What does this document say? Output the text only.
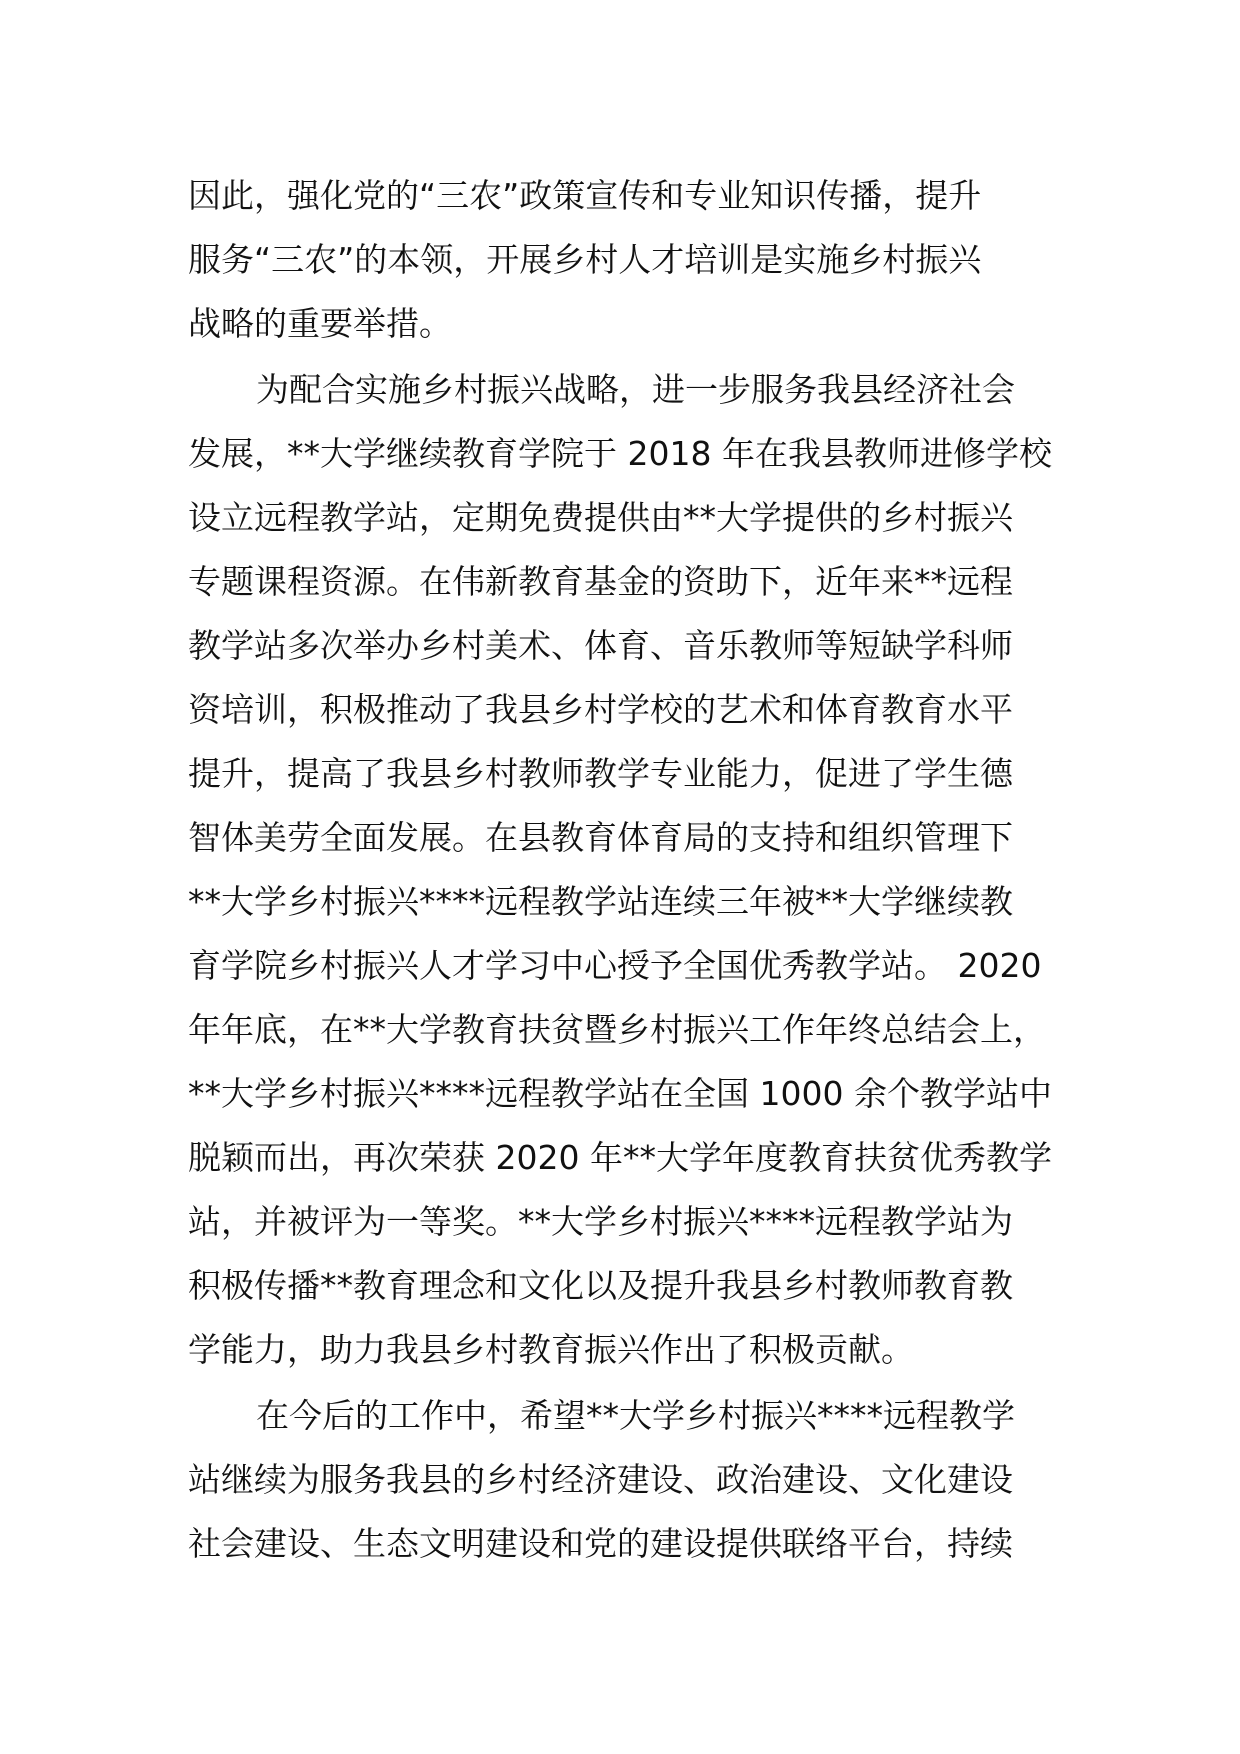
因此，强化党的“三农”政策宣传和专业知识传播，提升
服务“三农”的本领，开展乡村人才培训是实施乡村振兴
战略的重要举措。
为配合实施乡村振兴战略，进一步服务我县经济社会
发展，**大学继续教育学院于 2018 年在我县教师进修学校
设立远程教学站，定期免费提供由**大学提供的乡村振兴
专题课程资源。在伟新教育基金的资助下，近年来**远程
教学站多次举办乡村美术、体育、音乐教师等短缺学科师
资培训，积极推动了我县乡村学校的艺术和体育教育水平
提升，提高了我县乡村教师教学专业能力，促进了学生德
智体美劳全面发展。在县教育体育局的支持和组织管理下
**大学乡村振兴****远程教学站连续三年被**大学继续教
育学院乡村振兴人才学习中心授予全国优秀教学站。 2020
年年底，在**大学教育扶贫暨乡村振兴工作年终总结会上，
**大学乡村振兴****远程教学站在全国 1000 余个教学站中
脱颖而出，再次荣获 2020 年**大学年度教育扶贫优秀教学
站，并被评为一等奖。**大学乡村振兴****远程教学站为
积极传播**教育理念和文化以及提升我县乡村教师教育教
学能力，助力我县乡村教育振兴作出了积极贡献。
在今后的工作中，希望**大学乡村振兴****远程教学
站继续为服务我县的乡村经济建设、政治建设、文化建设
社会建设、生态文明建设和党的建设提供联络平台，持续
